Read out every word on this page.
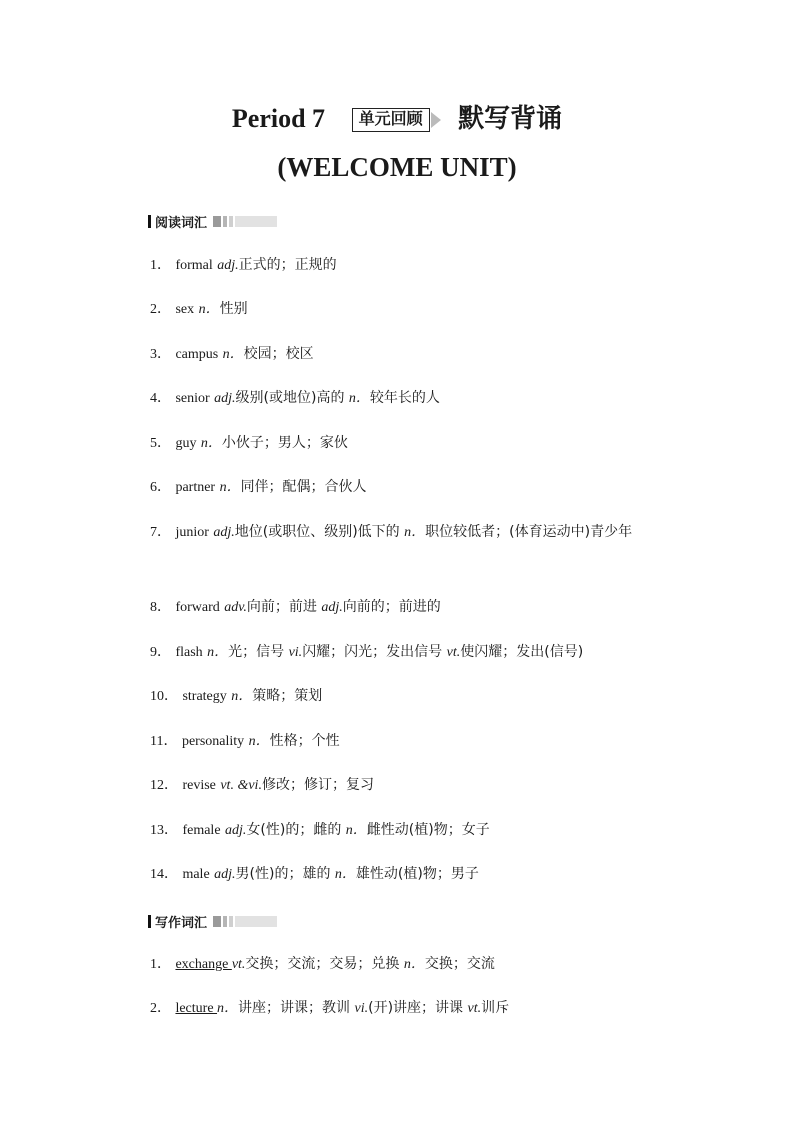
Period 7 单元回顾 默写背诵
(WELCOME UNIT)
阅读词汇
1． formal adj.正式的；正规的
2． sex n．性别
3． campus n．校园；校区
4． senior adj.级别(或地位)高的 n．较年长的人
5． guy n．小伙子；男人；家伙
6． partner n．同伴；配偶；合伙人
7． junior adj.地位(或职位、级别)低下的 n．职位较低者；(体育运动中)青少年
8． forward adv.向前；前进 adj.向前的；前进的
9． flash n．光；信号 vi.闪耀；闪光；发出信号 vt.使闪耀；发出(信号)
10． strategy n．策略；策划
11． personality n．性格；个性
12． revise vt. &vi.修改；修订；复习
13． female adj.女(性)的；雌的 n．雌性动(植)物；女子
14． male adj.男(性)的；雄的 n．雄性动(植)物；男子
写作词汇
1． exchange vt.交换；交流；交易；兑换 n．交换；交流
2． lecture n．讲座；讲课；教训 vi.(开)讲座；讲课 vt.训斥
